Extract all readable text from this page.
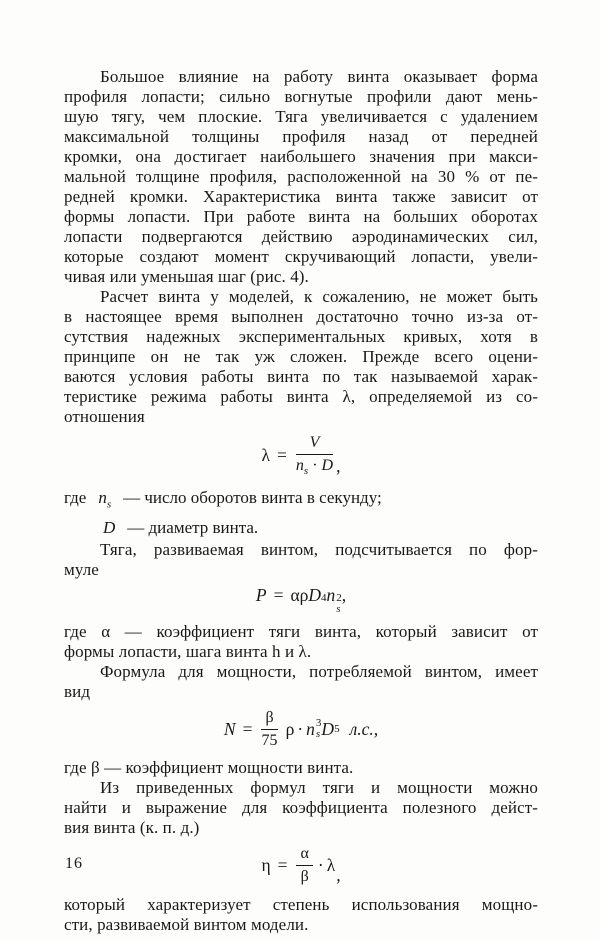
Большое влияние на работу винта оказывает форма
профиля лопасти; сильно вогнутые профили дают мень-
шую тягу, чем плоские. Тяга увеличивается с удалением
максимальной толщины профиля назад от передней
кромки, она достигает наибольшего значения при макси-
мальной толщине профиля, расположенной на 30 % от пе-
редней кромки. Характеристика винта также зависит от
формы лопасти. При работе винта на больших оборотах
лопасти подвергаются действию аэродинамических сил,
которые создают момент скручивающий лопасти, увели-
чивая или уменьшая шаг (рис. 4).
Расчет винта у моделей, к сожалению, не может быть
в настоящее время выполнен достаточно точно из-за от-
сутствия надежных экспериментальных кривых, хотя в
принципе он не так уж сложен. Прежде всего оцени-
ваются условия работы винта по так называемой харак-
теристике режима работы винта λ, определяемой из со-
отношения
$\lambda = \frac{V}{n_s \cdot D}$ ,
где $n_s$ — число оборотов винта в секунду;
D — диаметр винта.
Тяга, развиваемая винтом, подсчитывается по фор-
муле
P = αρ D 4 n 2
s
,
где α — коэффициент тяги винта, который зависит от
формы лопасти, шага винта h и λ.
Формула для мощности, потребляемой винтом, имеет
вид
$N = \frac{\beta}{75}$ ρ · n 3
s D 5 л.с.,
где β — коэффициент мощности винта.
Из приведенных формул тяги и мощности можно
найти и выражение для коэффициента полезного дейст-
вия винта (к. п. д.)
$\eta = \frac{\alpha}{\beta} \cdot \lambda$ ,
который характеризует степень использования мощно-
сти, развиваемой винтом модели.
16
